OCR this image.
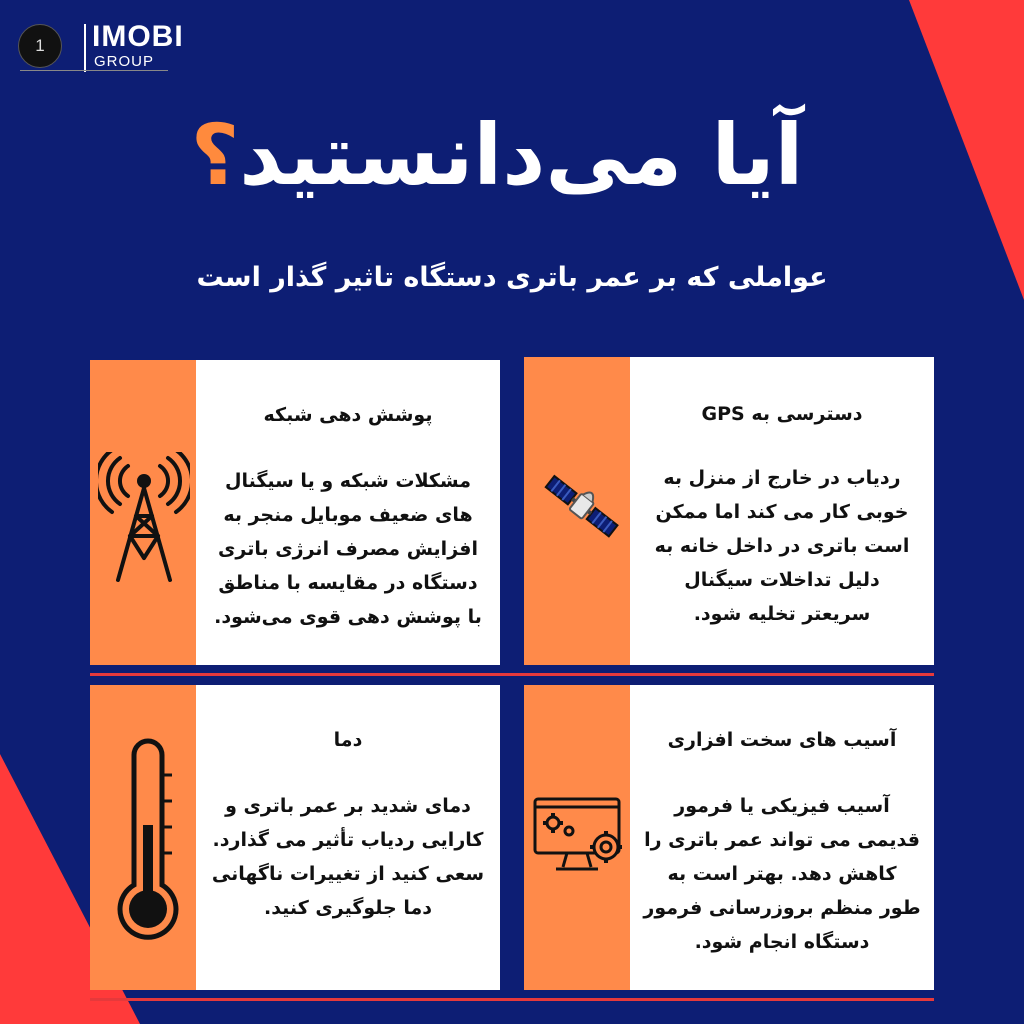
1	IMOBI
GROUP
آیا می‌دانستید؟
عواملی که بر عمر باتری دستگاه تاثیر گذار است
پوشش دهی شبکه
مشکلات شبکه و یا سیگنال
های ضعیف موبایل منجر به
افزایش مصرف انرژی باتری
دستگاه در مقایسه با مناطق
با پوشش دهی قوی می‌شود.
دسترسی به GPS
ردیاب در خارج از منزل به
خوبی کار می کند اما ممکن
است باتری در داخل خانه به
دلیل تداخلات سیگنال
سریعتر تخلیه شود.
دما
دمای شدید بر عمر باتری و
کارایی ردیاب تأثیر می گذارد.
سعی کنید از تغییرات ناگهانی
دما جلوگیری کنید.
آسیب های سخت افزاری
آسیب فیزیکی یا فرمور
قدیمی می تواند عمر باتری را
کاهش دهد. بهتر است به
طور منظم بروزرسانی فرمور
دستگاه انجام شود.
